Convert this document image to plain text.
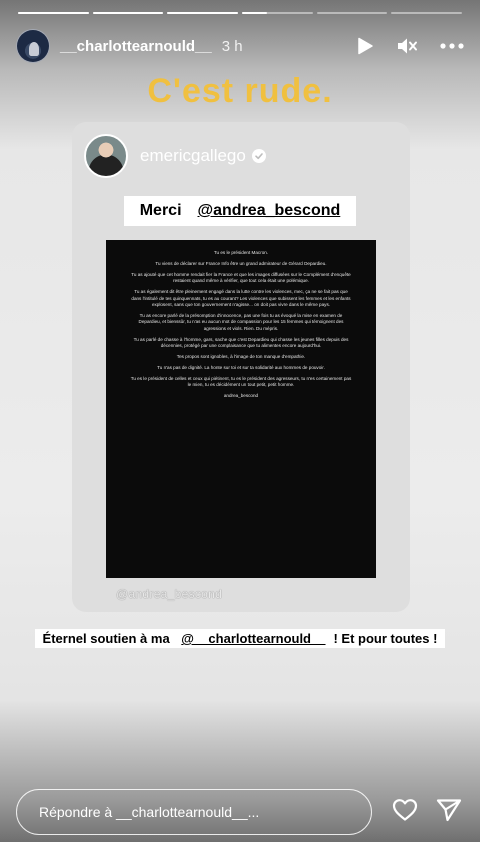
__charlottearnould__ 3 h
C'est rude.
emericgallego
Merci@andrea_bescond

Tu es le président Macron.

Tu viens de déclarer sur France Info être un grand admirateur de Gérard Depardieu.

Tu as ajouté que cet homme rendait fier la France et que les images diffusées sur le Complément d'enquête restaient quand même à vérifier, que tout cela était une polémique.

Tu as également dit être pleinement engagé dans la lutte contre les violences, mec, ça ne se fait pas que dans l'intitulé de tes quinquennats, tu es au courant? Les violences que subissent les femmes et les enfants explosent, sans que ton gouvernement n'agisse... on doit pas vivre dans le même pays.

Tu as encore parlé de la présomption d'innocence, pas une fois tu as évoqué la mise en examen de Depardieu, et bienssûr, tu n'as eu aucun mot de compassion pour les 15 femmes qui témoignent des agressions et viols. Rien. Du mépris.

Tu as parlé de chasse à l'homme, gars, sache que c'est Depardieu qui chasse les jeunes filles depuis des décennies, protégé par une complaisance que tu alimentes encore aujourd'hui.

Tes propos sont ignobles, à l'image de ton manque d'empathie.

Tu n'as pas de dignité. La honte sur toi et sur ta solidarité aux hommes de pouvoir.

Tu es le président de celles et ceux qui piétinent, tu es le président des agresseurs, tu n'es certainement pas le mien, tu es décidément un tout petit, petit homme.

andrea_bescond

@andrea_bescond
Éternel soutien à ma @__charlottearnould__ ! Et pour toutes !
Répondre à __charlottearnould__...
